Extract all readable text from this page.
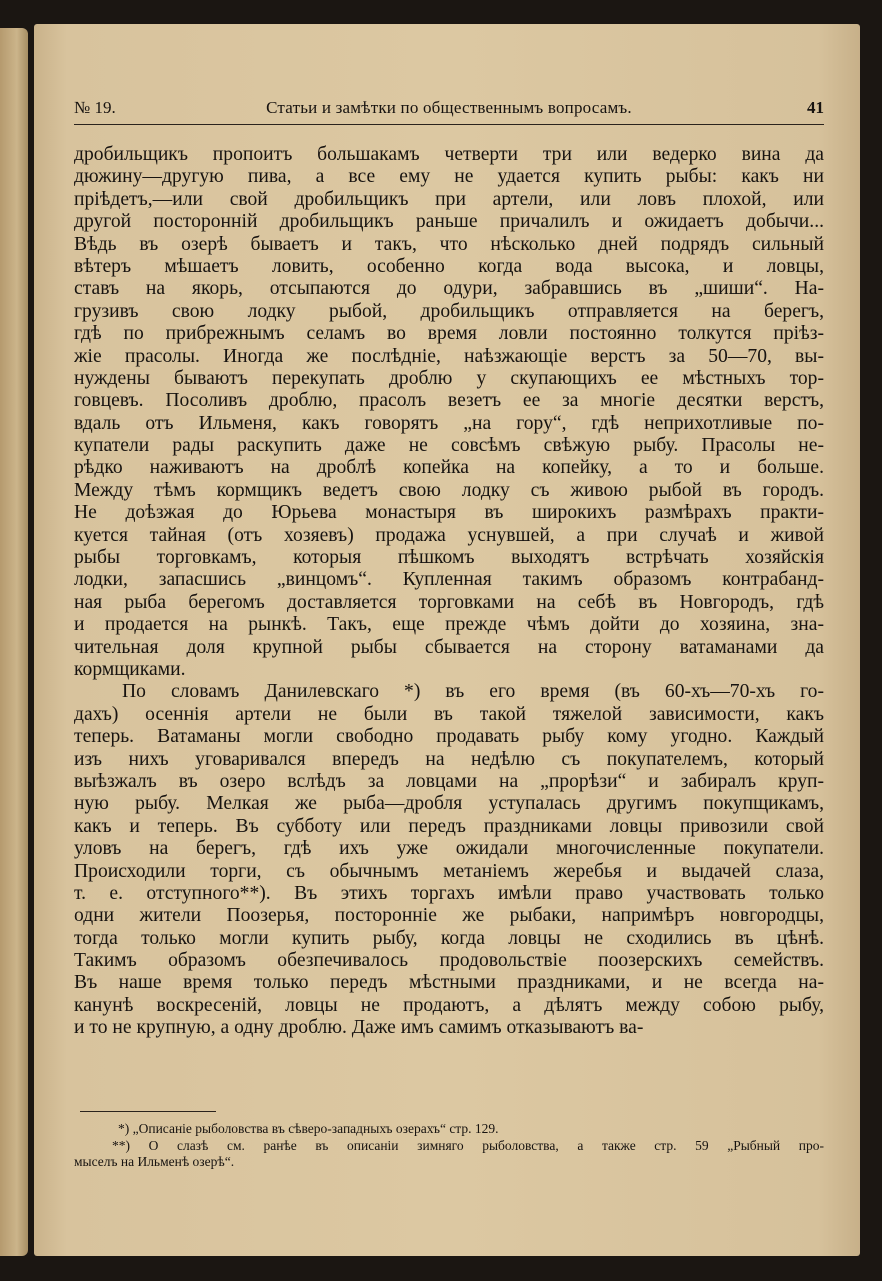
№ 19.	Статьи и замѣтки по общественнымъ вопросамъ.	41
дробильщикъ пропоитъ большакамъ четверти три или ведерко вина да
дюжину—другую пива, а все ему не удается купить рыбы: какъ ни
пріѣдетъ,—или свой дробильщикъ при артели, или ловъ плохой, или
другой посторонній дробильщикъ раньше причалилъ и ожидаетъ добычи...
Вѣдь въ озерѣ бываетъ и такъ, что нѣсколько дней подрядъ сильный
вѣтеръ мѣшаетъ ловить, особенно когда вода высока, и ловцы,
ставъ на якорь, отсыпаются до одури, забравшись въ „шиши“. На-
грузивъ свою лодку рыбой, дробильщикъ отправляется на берегъ,
гдѣ по прибрежнымъ селамъ во время ловли постоянно толкутся пріѣз-
жіе прасолы. Иногда же послѣдніе, наѣзжающіе верстъ за 50—70, вы-
нуждены бываютъ перекупать дроблю у скупающихъ ее мѣстныхъ тор-
говцевъ. Посоливъ дроблю, прасолъ везетъ ее за многіе десятки верстъ,
вдаль отъ Ильменя, какъ говорятъ „на гору“, гдѣ неприхотливые по-
купатели рады раскупить даже не совсѣмъ свѣжую рыбу. Прасолы не-
рѣдко наживаютъ на дроблѣ копейка на копейку, а то и больше.
Между тѣмъ кормщикъ ведетъ свою лодку съ живою рыбой въ городъ.
Не доѣзжая до Юрьева монастыря въ широкихъ размѣрахъ практи-
куется тайная (отъ хозяевъ) продажа уснувшей, а при случаѣ и живой
рыбы торговкамъ, которыя пѣшкомъ выходятъ встрѣчать хозяйскія
лодки, запасшись „винцомъ“. Купленная такимъ образомъ контрабанд-
ная рыба берегомъ доставляется торговками на себѣ въ Новгородъ, гдѣ
и продается на рынкѣ. Такъ, еще прежде чѣмъ дойти до хозяина, зна-
чительная доля крупной рыбы сбывается на сторону ватаманами да
кормщиками.
По словамъ Данилевскаго *) въ его время (въ 60-хъ—70-хъ го-
дахъ) осеннія артели не были въ такой тяжелой зависимости, какъ
теперь. Ватаманы могли свободно продавать рыбу кому угодно. Каждый
изъ нихъ уговаривался впередъ на недѣлю съ покупателемъ, который
выѣзжалъ въ озеро вслѣдъ за ловцами на „прорѣзи“ и забиралъ круп-
ную рыбу. Мелкая же рыба—дробля уступалась другимъ покупщикамъ,
какъ и теперь. Въ субботу или передъ праздниками ловцы привозили свой
уловъ на берегъ, гдѣ ихъ уже ожидали многочисленные покупатели.
Происходили торги, съ обычнымъ метаніемъ жеребья и выдачей слаза,
т. е. отступного**). Въ этихъ торгахъ имѣли право участвовать только
одни жители Поозерья, посторонніе же рыбаки, напримѣръ новгородцы,
тогда только могли купить рыбу, когда ловцы не сходились въ цѣнѣ.
Такимъ образомъ обезпечивалось продовольствіе поозерскихъ семействъ.
Въ наше время только передъ мѣстными праздниками, и не всегда на-
канунѣ воскресеній, ловцы не продаютъ, а дѣлятъ между собою рыбу,
и то не крупную, а одну дроблю. Даже имъ самимъ отказываютъ ва-
*) „Описаніе рыболовства въ сѣверо-западныхъ озерахъ“ стр. 129.
**) О слазѣ см. ранѣе въ описаніи зимняго рыболовства, а также стр. 59 „Рыбный про-
мыселъ на Ильменѣ озерѣ“.
